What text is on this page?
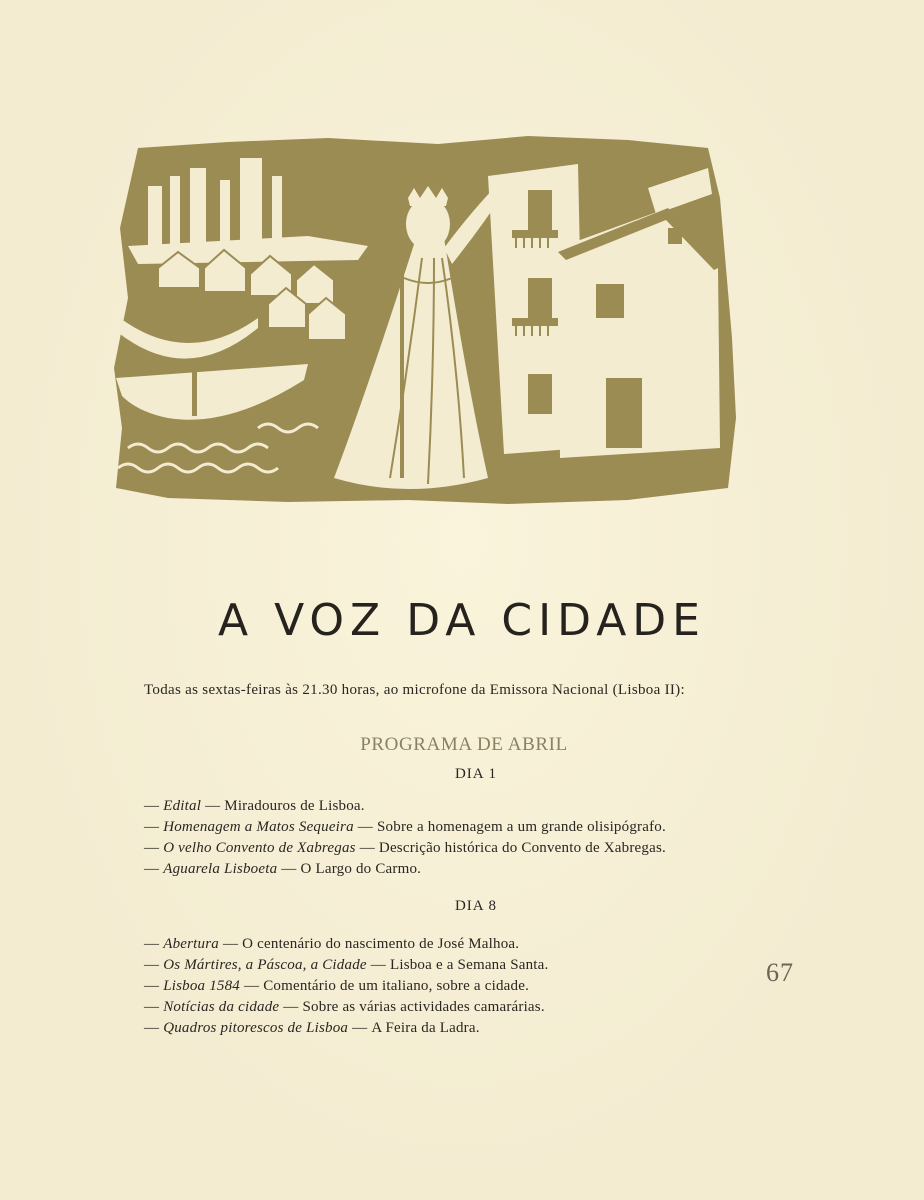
CORTE
A VOZ DA CIDADE
Todas as sextas-feiras às 21.30 horas, ao microfone da Emissora Nacional (Lisboa II):
PROGRAMA DE ABRIL
DIA 1
— Edital — Miradouros de Lisboa.
— Homenagem a Matos Sequeira — Sobre a homenagem a um grande olisipógrafo.
— O velho Convento de Xabregas — Descrição histórica do Convento de Xabregas.
— Aguarela Lisboeta — O Largo do Carmo.
DIA 8
— Abertura — O centenário do nascimento de José Malhoa.
— Os Mártires, a Páscoa, a Cidade — Lisboa e a Semana Santa.
— Lisboa 1584 — Comentário de um italiano, sobre a cidade.
— Notícias da cidade — Sobre as várias actividades camarárias.
— Quadros pitorescos de Lisboa — A Feira da Ladra.
67
